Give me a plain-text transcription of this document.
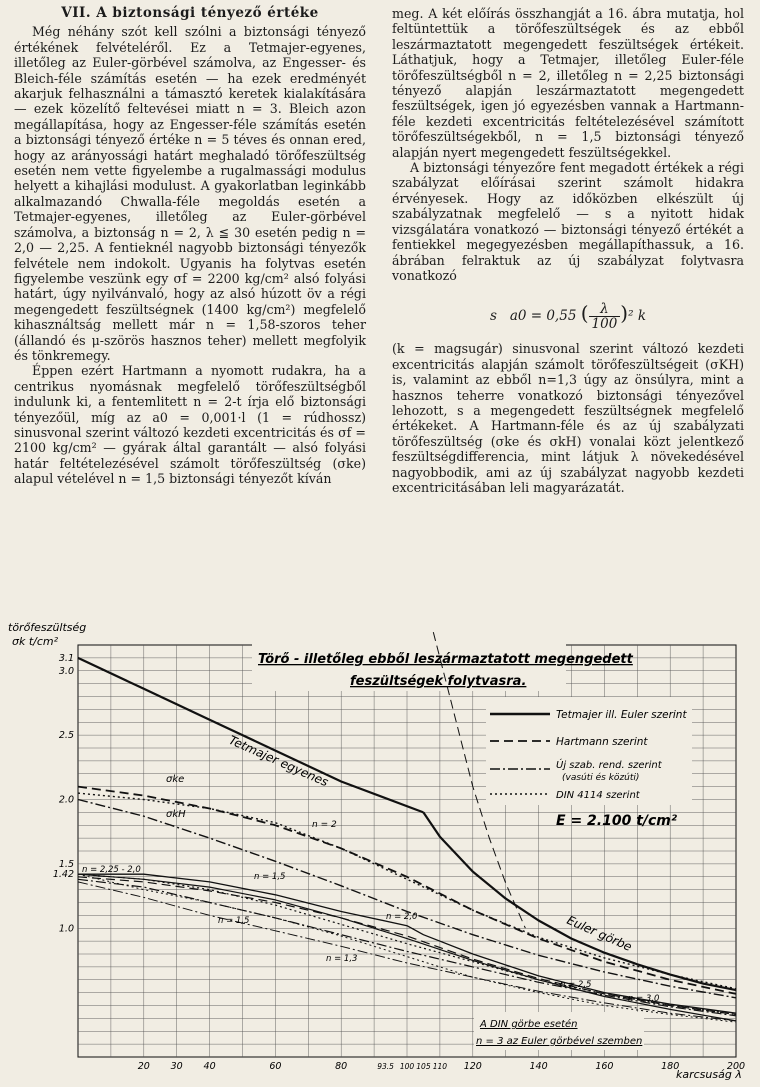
VII. A biztonsági tényező értéke

Még néhány szót kell szólni a biztonsági tényező értékének felvételéről. Ez a Tetmajer-egyenes, illetőleg az Euler-görbével számolva, az Engesser- és Bleich-féle számítás esetén — ha ezek eredményét akarjuk felhasználni a támasztó keretek kialakítására — ezek közelítő feltevései miatt n = 3. Bleich azon megállapítása, hogy az Engesser-féle számítás esetén a biztonsági tényező értéke n = 5 téves és onnan ered, hogy az arányossági határt meghaladó törőfeszültség esetén nem vette figyelembe a rugalmassági modulus helyett a kihajlási modulust. A gyakorlatban leginkább alkalmazandó Chwalla-féle megoldás esetén a Tetmajer-egyenes, illetőleg az Euler-görbével számolva, a biztonság n = 2, λ ≦ 30 esetén pedig n = 2,0 — 2,25. A fentieknél nagyobb biztonsági tényezők felvétele nem indokolt. Ugyanis ha folytvas esetén figyelembe veszünk egy σf = 2200 kg/cm² alsó folyási határt, úgy nyilvánvaló, hogy az alsó húzott öv a régi megengedett feszültségnek (1400 kg/cm²) megfelelő kihasználtság mellett már n = 1,58-szoros teher (állandó és μ-szörös hasznos teher) mellett megfolyik és tönkremegy.

Éppen ezért Hartmann a nyomott rudakra, ha a centrikus nyomásnak megfelelő törőfeszültségből indulunk ki, a fentemlitett n = 2-t írja elő biztonsági tényezőül, míg az a0 = 0,001·l (1 = rúdhossz) sinusvonal szerint változó kezdeti excentricitás és σf = 2100 kg/cm² — gyárak által garantált — alsó folyási határ feltételezésével számolt törőfeszültség (σke) alapul vételével n = 1,5 biztonsági tényezőt kíván

meg. A két előírás összhangját a 16. ábra mutatja, hol feltüntettük a törőfeszültségek és az ebből leszármaztatott megengedett feszültségek értékeit. Láthatjuk, hogy a Tetmajer, illetőleg Euler-féle törőfeszültségből n = 2, illetőleg n = 2,25 biztonsági tényező alapján leszármaztatott megengedett feszültségek, igen jó egyezésben vannak a Hartmann-féle kezdeti excentricitás feltételezésével számított törőfeszültségekből, n = 1,5 biztonsági tényező alapján nyert megengedett feszültségekkel.

A biztonsági tényezőre fent megadott értékek a régi szabályzat előírásai szerint számolt hidakra érvényesek. Hogy az időközben elkészült új szabályzatnak megfelelő — s a nyitott hidak vizsgálatára vonatkozó — biztonsági tényező értékét a fentiekkel megegyezésben megállapíthassuk, a 16. ábrában felraktuk az új szabályzat folytvasra vonatkozó

s a0 = 0,55 ( $\frac{\lambda}{100} )^2$ k

(k = magsugár) sinusvonal szerint változó kezdeti excentricitás alapján számolt törőfeszültségeit (σKH) is, valamint az ebből n=1,3 úgy az önsúlyra, mint a hasznos teherre vonatkozó biztonsági tényezővel lehozott, s a megengedett feszültségnek megfelelő értékeket. A Hartmann-féle és az új szabályzati törőfeszültség (σke és σkH) vonalai közt jelentkező feszültségdifferencia, mint látjuk λ növekedésével nagyobbodik, ami az új szabályzat nagyobb kezdeti excentricitásában leli magyarázatát.

törőfeszültség
σk t/cm²
Törő - illetőleg ebből leszármaztatott megengedett
feszültségek folytvasra.
Tetmajer ill. Euler szerint
Hartmann szerint
Új szab. rend. szerint
(vasúti és közúti)
DIN 4114 szerint
E = 2.100 t/cm²
Tetmajer egyenes
Euler görbe
n = 2,25 - 2,0
n = 1,5
n = 1,5
n = 1,3
n = 2,0
n = 2,5
n = 3,0
σke
σkH
n = 2
A DIN görbe esetén
n = 3 az Euler görbével szemben
20 30 40	60	80	93.5 100 105 110 120	140	160	180	200
1.0
1.42
1.5
2.0
2.5
3.0
3.1
karcsuság λ
